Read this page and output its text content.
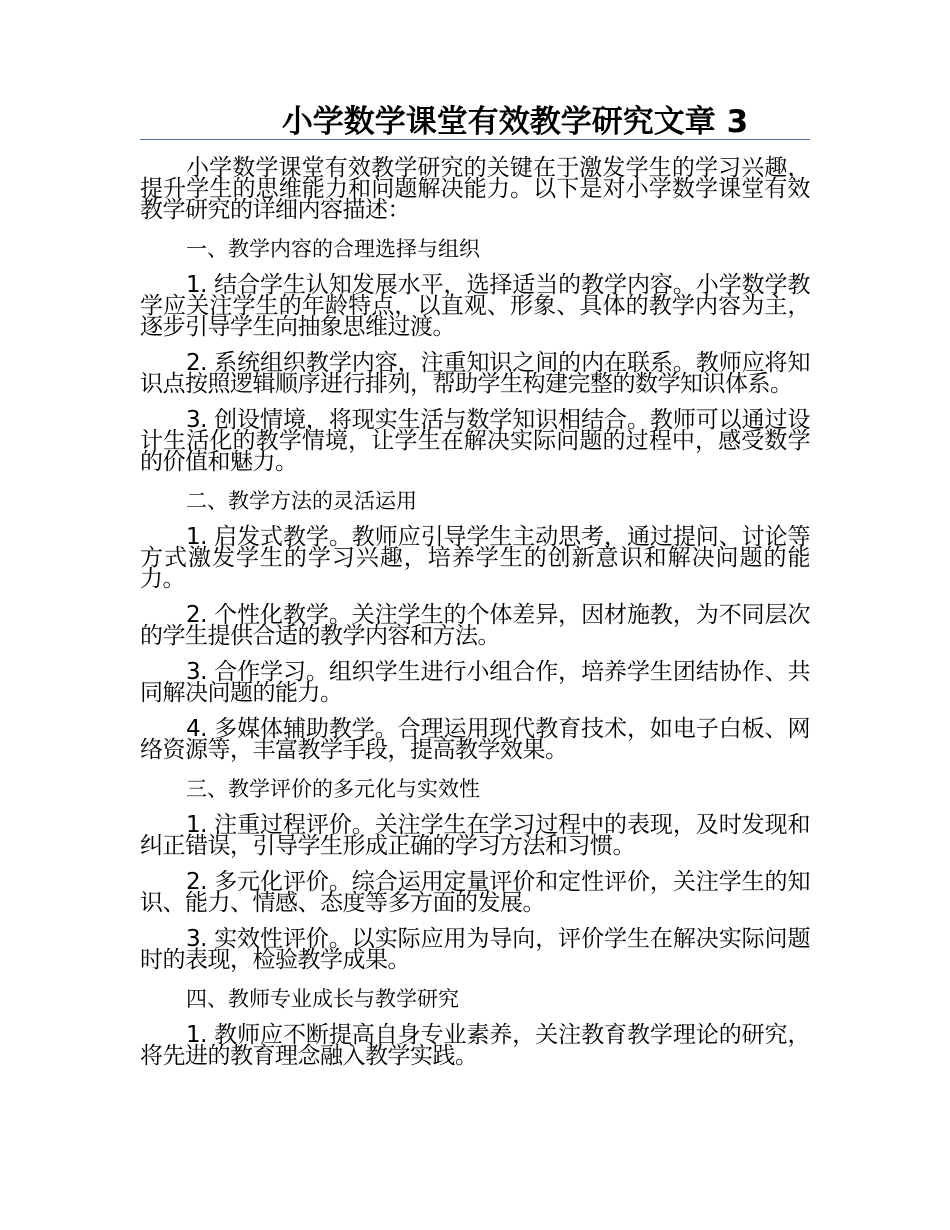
小学数学课堂有效教学研究文章 3

小学数学课堂有效教学研究的关键在于激发学生的学习兴趣，提升学生的思维能力和问题解决能力。以下是对小学数学课堂有效教学研究的详细内容描述：

一、教学内容的合理选择与组织

1. 结合学生认知发展水平，选择适当的教学内容。小学数学教学应关注学生的年龄特点，以直观、形象、具体的教学内容为主，逐步引导学生向抽象思维过渡。

2. 系统组织教学内容，注重知识之间的内在联系。教师应将知识点按照逻辑顺序进行排列，帮助学生构建完整的数学知识体系。

3. 创设情境，将现实生活与数学知识相结合。教师可以通过设计生活化的教学情境，让学生在解决实际问题的过程中，感受数学的价值和魅力。

二、教学方法的灵活运用

1. 启发式教学。教师应引导学生主动思考，通过提问、讨论等方式激发学生的学习兴趣，培养学生的创新意识和解决问题的能力。

2. 个性化教学。关注学生的个体差异，因材施教，为不同层次的学生提供合适的教学内容和方法。

3. 合作学习。组织学生进行小组合作，培养学生团结协作、共同解决问题的能力。

4. 多媒体辅助教学。合理运用现代教育技术，如电子白板、网络资源等，丰富教学手段，提高教学效果。

三、教学评价的多元化与实效性

1. 注重过程评价。关注学生在学习过程中的表现，及时发现和纠正错误，引导学生形成正确的学习方法和习惯。

2. 多元化评价。综合运用定量评价和定性评价，关注学生的知识、能力、情感、态度等多方面的发展。

3. 实效性评价。以实际应用为导向，评价学生在解决实际问题时的表现，检验教学成果。

四、教师专业成长与教学研究

1. 教师应不断提高自身专业素养，关注教育教学理论的研究，将先进的教育理念融入教学实践。
